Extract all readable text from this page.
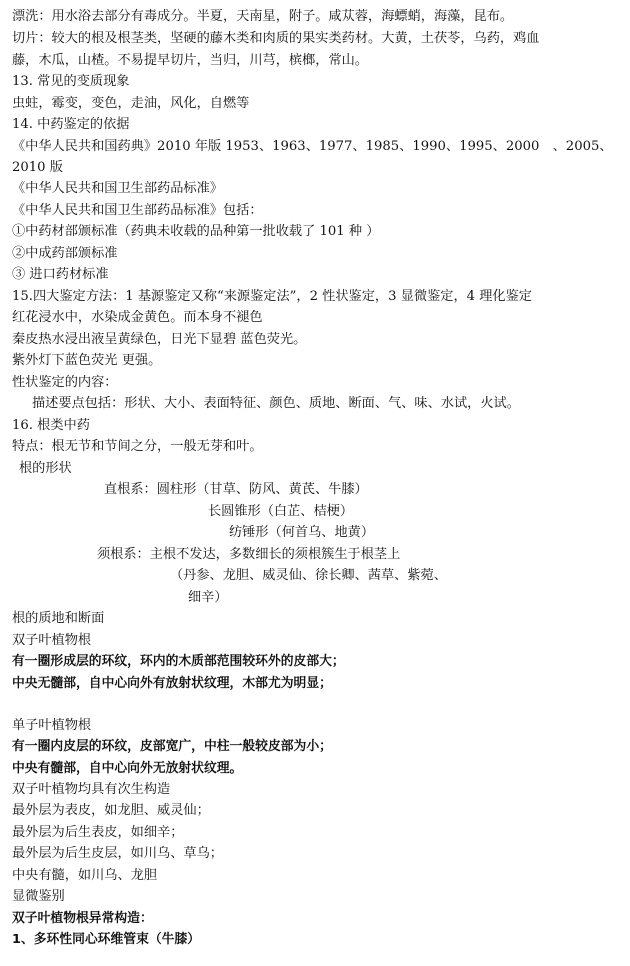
漂洗：用水浴去部分有毒成分。半夏，天南星，附子。咸苁蓉，海螵蛸，海藻，昆布。
切片：较大的根及根茎类，坚硬的藤木类和肉质的果实类药材。大黄，土茯苓，乌药，鸡血
藤，木瓜，山楂。不易提早切片，当归，川芎，槟榔，常山。
13. 常见的变质现象
虫蛀，霉变，变色，走油，风化，自燃等
14. 中药鉴定的依据
《中华人民共和国药典》2010 年版 1953、1963、1977、1985、1990、1995、2000　、2005、
2010 版
《中华人民共和国卫生部药品标准》
《中华人民共和国卫生部药品标准》包括：
①中药材部颁标准（药典未收载的品种第一批收载了 101 种 ）
②中成药部颁标准
③ 进口药材标准
15.四大鉴定方法：1 基源鉴定又称“来源鉴定法”，2 性状鉴定，3 显微鉴定，4 理化鉴定
红花浸水中，水染成金黄色。而本身不褪色
秦皮热水浸出液呈黄绿色，日光下显碧 蓝色荧光。
紫外灯下蓝色荧光 更强。
性状鉴定的内容：
描述要点包括：形状、大小、表面特征、颜色、质地、断面、气、味、水试，火试。
16. 根类中药
特点：根无节和节间之分，一般无芽和叶。
根的形状
直根系：圆柱形（甘草、防风、黄芪、牛膝）
长圆锥形（白芷、桔梗）
纺锤形（何首乌、地黄）
须根系：主根不发达，多数细长的须根簇生于根茎上
（丹参、龙胆、威灵仙、徐长卿、茜草、紫菀、
细辛）
根的质地和断面
双子叶植物根
有一圈形成层的环纹，环内的木质部范围较环外的皮部大；
中央无髓部，自中心向外有放射状纹理，木部尤为明显；
单子叶植物根
有一圈内皮层的环纹，皮部宽广，中柱一般较皮部为小；
中央有髓部，自中心向外无放射状纹理。
双子叶植物均具有次生构造
最外层为表皮，如龙胆、威灵仙；
最外层为后生表皮，如细辛；
最外层为后生皮层，如川乌、草乌；
中央有髓，如川乌、龙胆
显微鉴别
双子叶植物根异常构造：
1、多环性同心环维管束（牛膝）
